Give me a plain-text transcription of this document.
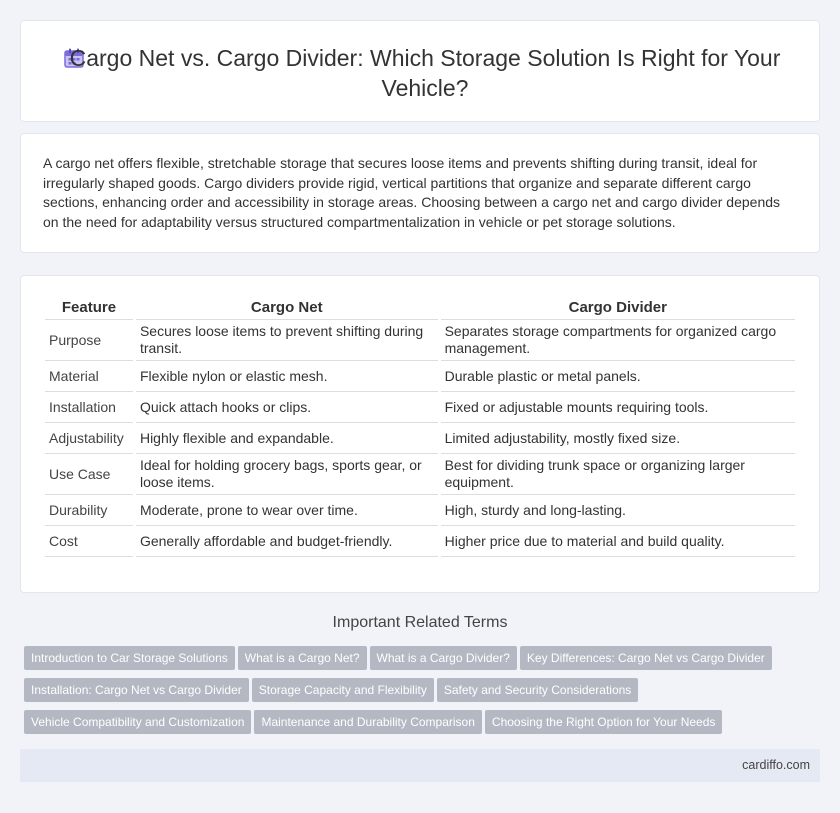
Cargo Net vs. Cargo Divider: Which Storage Solution Is Right for Your Vehicle?

A cargo net offers flexible, stretchable storage that secures loose items and prevents shifting during transit, ideal for irregularly shaped goods. Cargo dividers provide rigid, vertical partitions that organize and separate different cargo sections, enhancing order and accessibility in storage areas. Choosing between a cargo net and cargo divider depends on the need for adaptability versus structured compartmentalization in vehicle or pet storage solutions.

Feature	Cargo Net	Cargo Divider
Purpose	Secures loose items to prevent shifting during transit.	Separates storage compartments for organized cargo management.
Material	Flexible nylon or elastic mesh.	Durable plastic or metal panels.
Installation	Quick attach hooks or clips.	Fixed or adjustable mounts requiring tools.
Adjustability	Highly flexible and expandable.	Limited adjustability, mostly fixed size.
Use Case	Ideal for holding grocery bags, sports gear, or loose items.	Best for dividing trunk space or organizing larger equipment.
Durability	Moderate, prone to wear over time.	High, sturdy and long-lasting.
Cost	Generally affordable and budget-friendly.	Higher price due to material and build quality.
Important Related Terms
Introduction to Car Storage Solutions What is a Cargo Net? What is a Cargo Divider? Key Differences: Cargo Net vs Cargo Divider
Installation: Cargo Net vs Cargo Divider Storage Capacity and Flexibility Safety and Security Considerations
Vehicle Compatibility and Customization Maintenance and Durability Comparison Choosing the Right Option for Your Needs
cardiffo.com
